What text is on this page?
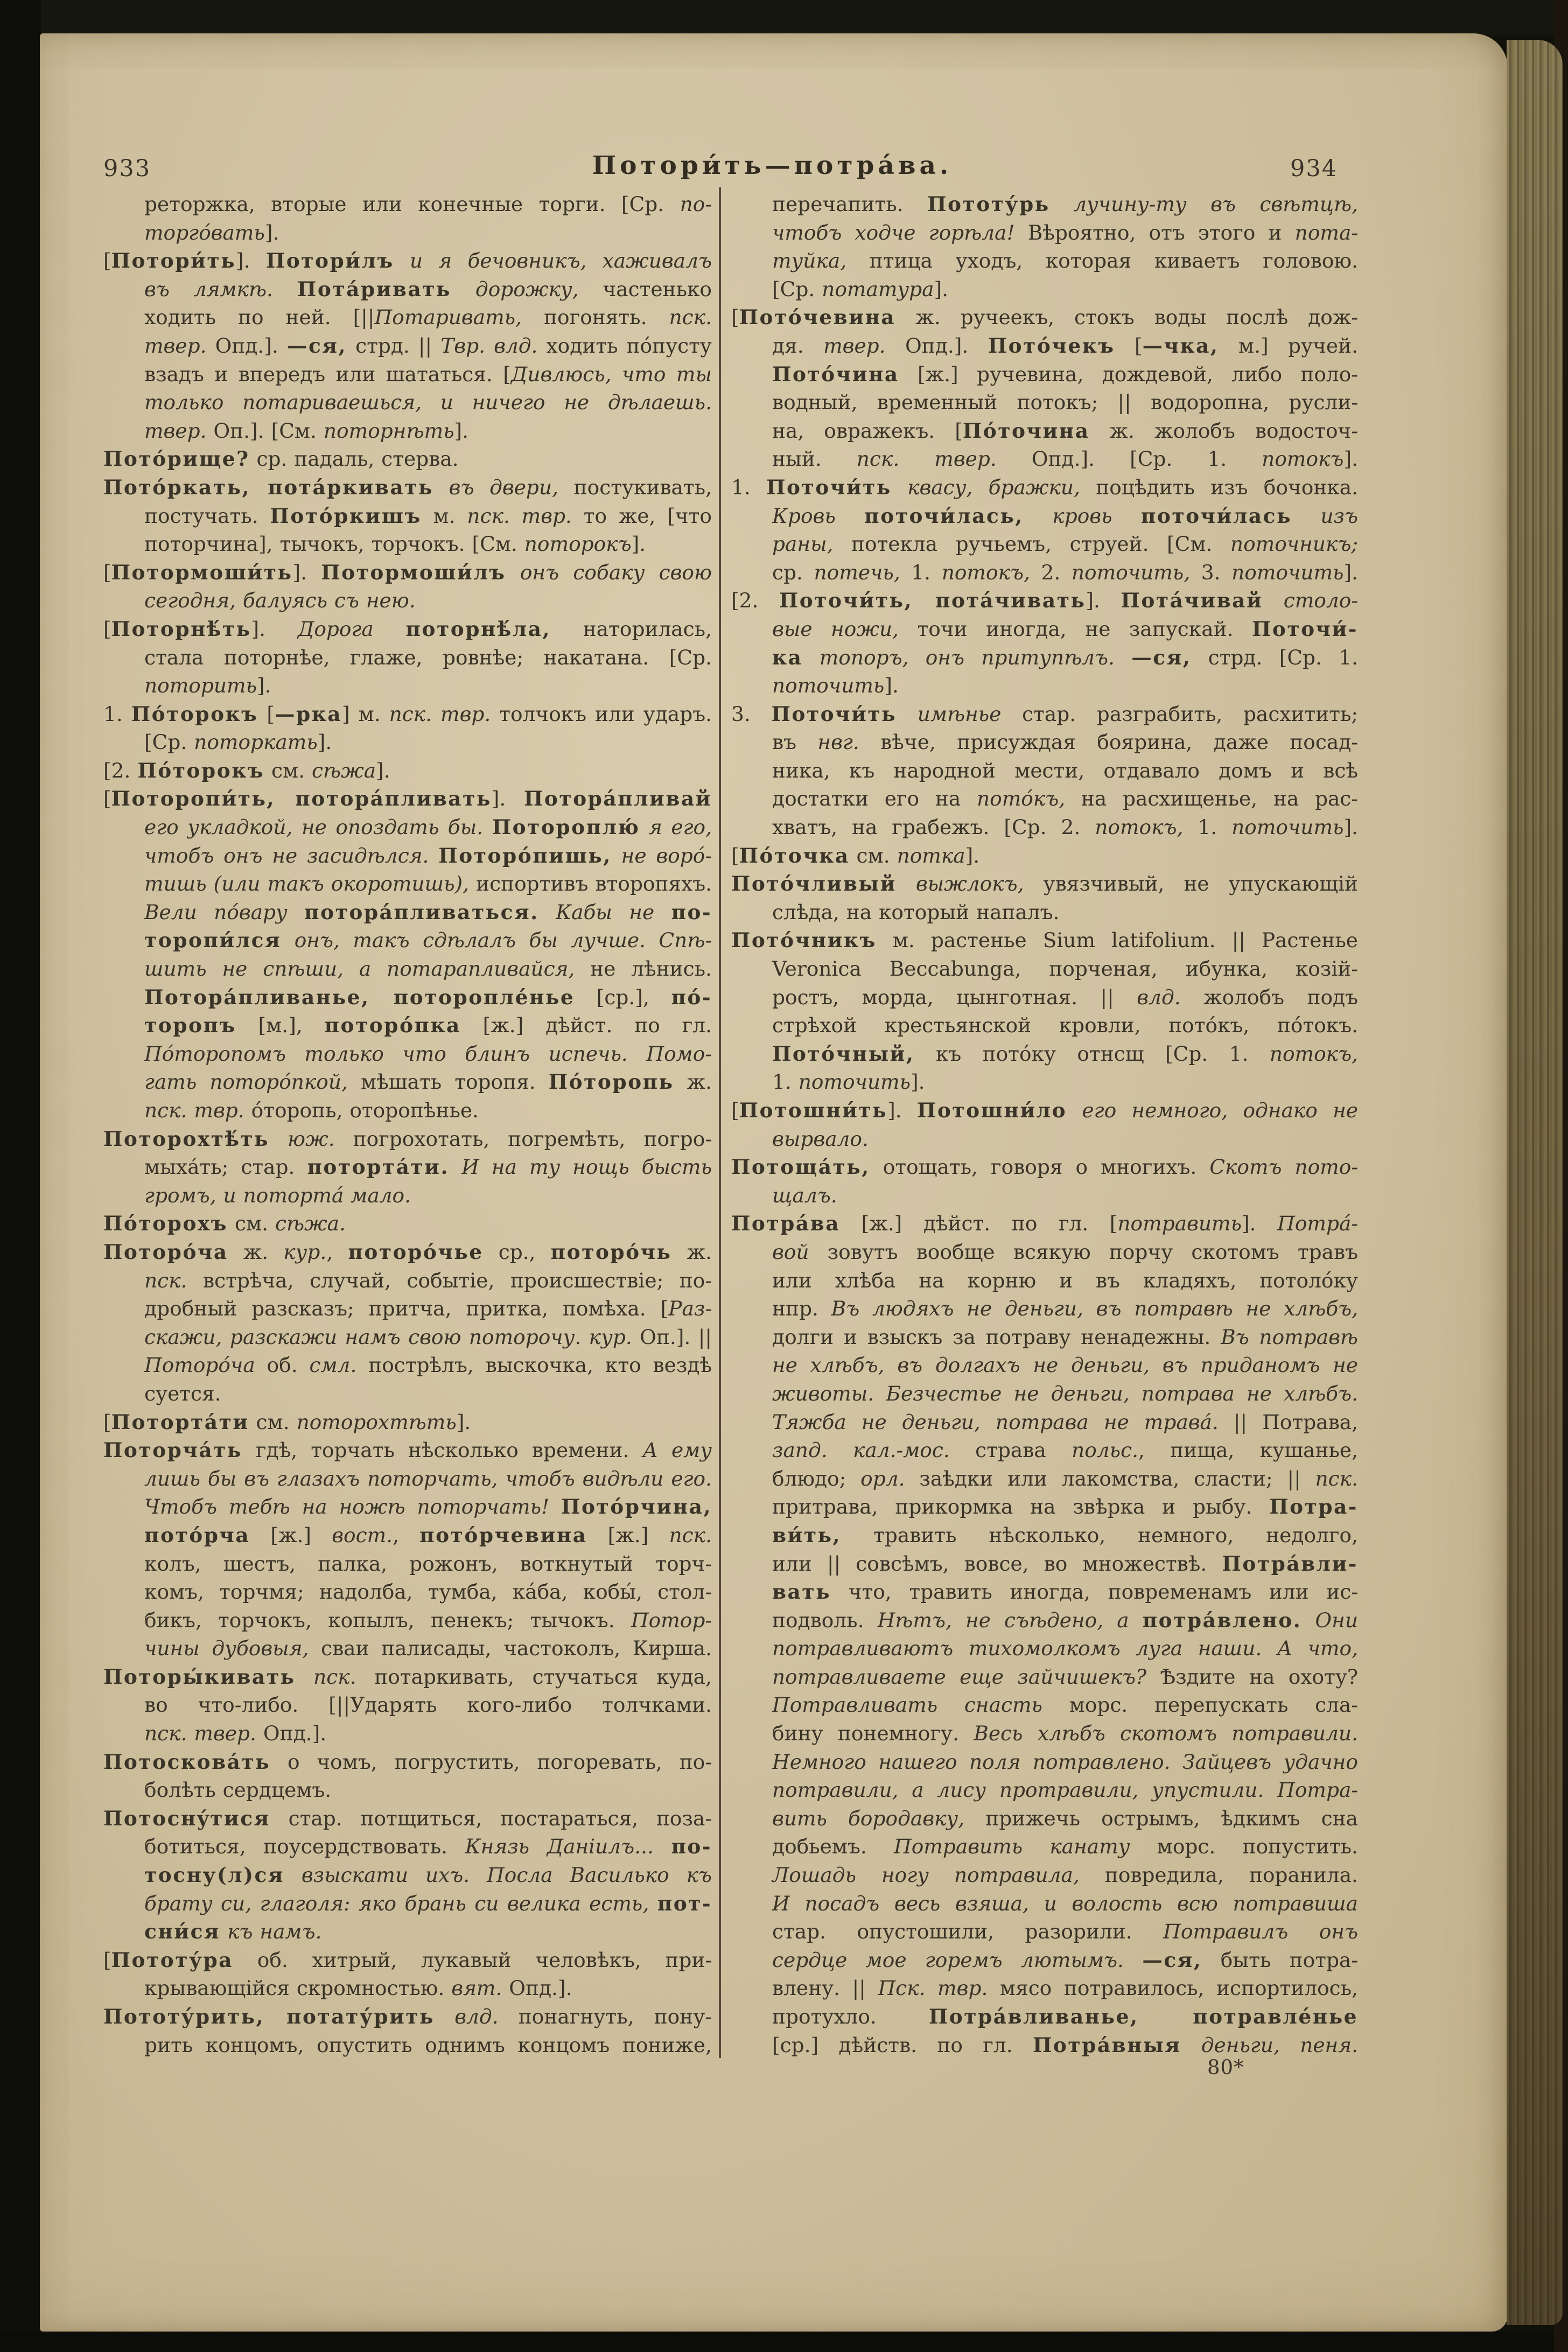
933	Потори́ть—потра́ва.	934
реторжка, вторые или конечные торги. [Ср. по-
торго́вать].
[Потори́ть]. Потори́лъ и я бечовникъ, хаживалъ
въ лямкѣ. Пота́ривать дорожку, частенько
ходить по ней. [||Потаривать, погонять. пск.
твер. Опд.]. —ся, стрд. || Твр. влд. ходить по́пусту
взадъ и впередъ или шататься. [Дивлюсь, что ты
только потариваешься, и ничего не дѣлаешь.
твер. Оп.]. [См. поторнѣть].
Пото́рище? ср. падаль, стерва.
Пото́ркать, пота́ркивать въ двери, постукивать,
постучать. Пото́ркишъ м. пск. твр. то же, [что
поторчина], тычокъ, торчокъ. [См. поторокъ].
[Потормоши́ть]. Потормоши́лъ онъ собаку свою
сегодня, балуясь съ нею.
[Поторнѣ́ть]. Дорога поторнѣ́ла, наторилась,
стала поторнѣе, глаже, ровнѣе; накатана. [Ср.
поторить].
1. По́торокъ [—рка] м. пск. твр. толчокъ или ударъ.
[Ср. поторкать].
[2. По́торокъ см. сѣжа].
[Поторопи́ть, потора́пливать]. Потора́пливай
его укладкой, не опоздать бы. Потороплю́ я его,
чтобъ онъ не засидѣлся. Поторо́пишь, не воро́-
тишь (или такъ окоротишь), испортивъ второпяхъ.
Вели по́вару потора́пливаться. Кабы не по-
торопи́лся онъ, такъ сдѣлалъ бы лучше. Спѣ-
шить не спѣши, а потарапливайся, не лѣнись.
Потора́пливанье, поторопле́нье [ср.], по́-
торопъ [м.], поторо́пка [ж.] дѣйст. по гл.
По́торопомъ только что блинъ испечь. Помо-
гать поторо́пкой, мѣшать торопя. По́торопь ж.
пск. твр. о́торопь, оторопѣнье.
Поторохтѣ́ть юж. погрохотать, погремѣть, погро-
мыха́ть; стар. потортáти. И на ту нощь бысть
громъ, и потортá мало.
По́торохъ см. сѣжа.
Поторо́ча ж. кур., поторо́чье ср., поторо́чь ж.
пск. встрѣча, случай, событіе, происшествіе; по-
дробный разсказъ; притча, притка, помѣха. [Раз-
скажи, разскажи намъ свою поторочу. кур. Оп.]. ||
Поторо́ча об. смл. пострѣлъ, выскочка, кто вездѣ
суется.
[Потортáти см. поторохтѣть].
Поторчáть гдѣ, торчать нѣсколько времени. А ему
лишь бы въ глазахъ поторчать, чтобъ видѣли его.
Чтобъ тебѣ на ножѣ поторчать! Пото́рчина,
пото́рча [ж.] вост., пото́рчевина [ж.] пск.
колъ, шестъ, палка, рожонъ, воткнутый торч-
комъ, торчмя; надолба, тумба, ка́ба, кобы́, стол-
бикъ, торчокъ, копылъ, пенекъ; тычокъ. Потор-
чины дубовыя, сваи палисады, частоколъ, Кирша.
Поторы́кивать пск. потаркивать, стучаться куда,
во что-либо. [||Ударять кого-либо толчками.
пск. твер. Опд.].
Потосковáть о чомъ, погрустить, погоревать, по-
болѣть сердцемъ.
Потоснýтися стар. потщиться, постараться, поза-
ботиться, поусердствовать. Князь Даніилъ... по-
тосну(л)ся взыскати ихъ. Посла Василько къ
брату си, глаголя: яко брань си велика есть, пот-
сни́ся къ намъ.
[Пототу́ра об. хитрый, лукавый человѣкъ, при-
крывающійся скромностью. вят. Опд.].
Пототу́рить, потату́рить влд. понагнуть, пону-
рить концомъ, опустить однимъ концомъ пониже,
перечапить. Пототу́рь лучину-ту въ свѣтцѣ,
чтобъ ходче горѣла! Вѣроятно, отъ этого и пота-
туйка, птица уходъ, которая киваетъ головою.
[Ср. потатура].
[Пото́чевина ж. ручеекъ, стокъ воды послѣ дож-
дя. твер. Опд.]. Пото́чекъ [—чка, м.] ручей.
Пото́чина [ж.] ручевина, дождевой, либо поло-
водный, временный потокъ; || водоропна, русли-
на, овражекъ. [По́точина ж. жолобъ водосточ-
ный. пск. твер. Опд.]. [Ср. 1. потокъ].
1. Поточи́ть квасу, бражки, поцѣдить изъ бочонка.
Кровь поточи́лась, кровь поточи́лась изъ
раны, потекла ручьемъ, струей. [См. поточникъ;
ср. потечь, 1. потокъ, 2. поточить, 3. поточить].
[2. Поточи́ть, пота́чивать]. Пота́чивай столо-
вые ножи, точи иногда, не запускай. Поточи́-
ка топоръ, онъ притупѣлъ. —ся, стрд. [Ср. 1.
поточить].
3. Поточи́ть имѣнье стар. разграбить, расхитить;
въ нвг. вѣче, присуждая боярина, даже посад-
ника, къ народной мести, отдавало домъ и всѣ
достатки его на пото́къ, на расхищенье, на рас-
хватъ, на грабежъ. [Ср. 2. потокъ, 1. поточить].
[По́точка см. потка].
Пото́чливый выжлокъ, увязчивый, не упускающій
слѣда, на который напалъ.
Пото́чникъ м. растенье Sium latifolium. || Растенье
Veronica Beccabunga, порченая, ибунка, козій-
ростъ, морда, цынготная. || влд. жолобъ подъ
стрѣхой крестьянской кровли, пото́къ, по́токъ.
Пото́чный, къ пото́ку отнсщ [Ср. 1. потокъ,
1. поточить].
[Потошни́ть]. Потошни́ло его немного, однако не
вырвало.
Потощáть, отощать, говоря о многихъ. Скотъ пото-
щалъ.
Потра́ва [ж.] дѣйст. по гл. [потравить]. Потра́-
вой зовутъ вообще всякую порчу скотомъ травъ
или хлѣба на корню и въ кладяхъ, потоло́ку
нпр. Въ людяхъ не деньги, въ потравѣ не хлѣбъ,
долги и взыскъ за потраву ненадежны. Въ потравѣ
не хлѣбъ, въ долгахъ не деньги, въ приданомъ не
животы. Безчестье не деньги, потрава не хлѣбъ.
Тяжба не деньги, потрава не травá. || Потрава,
запд. кал.-мос. страва польс., пища, кушанье,
блюдо; орл. заѣдки или лакомства, сласти; || пск.
притрава, прикормка на звѣрка и рыбу. Потра-
ви́ть, травить нѣсколько, немного, недолго,
или || совсѣмъ, вовсе, во множествѣ. Потра́вли-
вать что, травить иногда, повременамъ или ис-
подволь. Нѣтъ, не съѣдено, а потра́влено. Они
потравливаютъ тихомолкомъ луга наши. А что,
потравливаете еще зайчишекъ? Ѣздите на охоту?
Потравливать снасть морс. перепускать сла-
бину понемногу. Весь хлѣбъ скотомъ потравили.
Немного нашего поля потравлено. Зайцевъ удачно
потравили, а лису протравили, упустили. Потра-
вить бородавку, прижечь острымъ, ѣдкимъ сна
добьемъ. Потравить канату морс. попустить.
Лошадь ногу потравила, повредила, поранила.
И посадъ весь взяша, и волость всю потравиша
стар. опустошили, разорили. Потравилъ онъ
сердце мое горемъ лютымъ. —ся, быть потра-
влену. || Пск. твр. мясо потравилось, испортилось,
протухло. Потра́вливанье, потравле́нье
[ср.] дѣйств. по гл. Потра́вныя деньги, пеня.
80*
